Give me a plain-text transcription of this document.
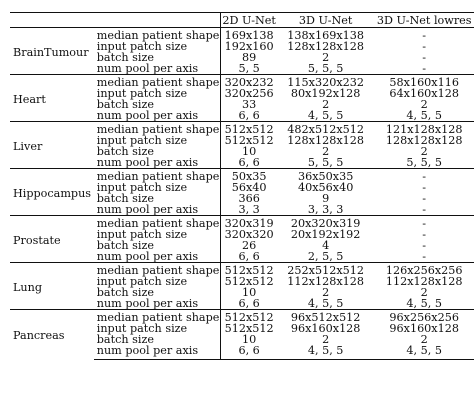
		2D U-Net	3D U-Net	3D U-Net lowres
BrainTumour	median patient shape	169x138	138x169x138	-
	input patch size	192x160	128x128x128	-
	batch size	89	2	-
	num pool per axis	5, 5	5, 5, 5	-
Heart	median patient shape	320x232	115x320x232	58x160x116
	input patch size	320x256	80x192x128	64x160x128
	batch size	33	2	2
	num pool per axis	6, 6	4, 5, 5	4, 5, 5
Liver	median patient shape	512x512	482x512x512	121x128x128
	input patch size	512x512	128x128x128	128x128x128
	batch size	10	2	2
	num pool per axis	6, 6	5, 5, 5	5, 5, 5
Hippocampus	median patient shape	50x35	36x50x35	-
	input patch size	56x40	40x56x40	-
	batch size	366	9	-
	num pool per axis	3, 3	3, 3, 3	-
Prostate	median patient shape	320x319	20x320x319	-
	input patch size	320x320	20x192x192	-
	batch size	26	4	-
	num pool per axis	6, 6	2, 5, 5	-
Lung	median patient shape	512x512	252x512x512	126x256x256
	input patch size	512x512	112x128x128	112x128x128
	batch size	10	2	2
	num pool per axis	6, 6	4, 5, 5	4, 5, 5
Pancreas	median patient shape	512x512	96x512x512	96x256x256
	input patch size	512x512	96x160x128	96x160x128
	batch size	10	2	2
	num pool per axis	6, 6	4, 5, 5	4, 5, 5
